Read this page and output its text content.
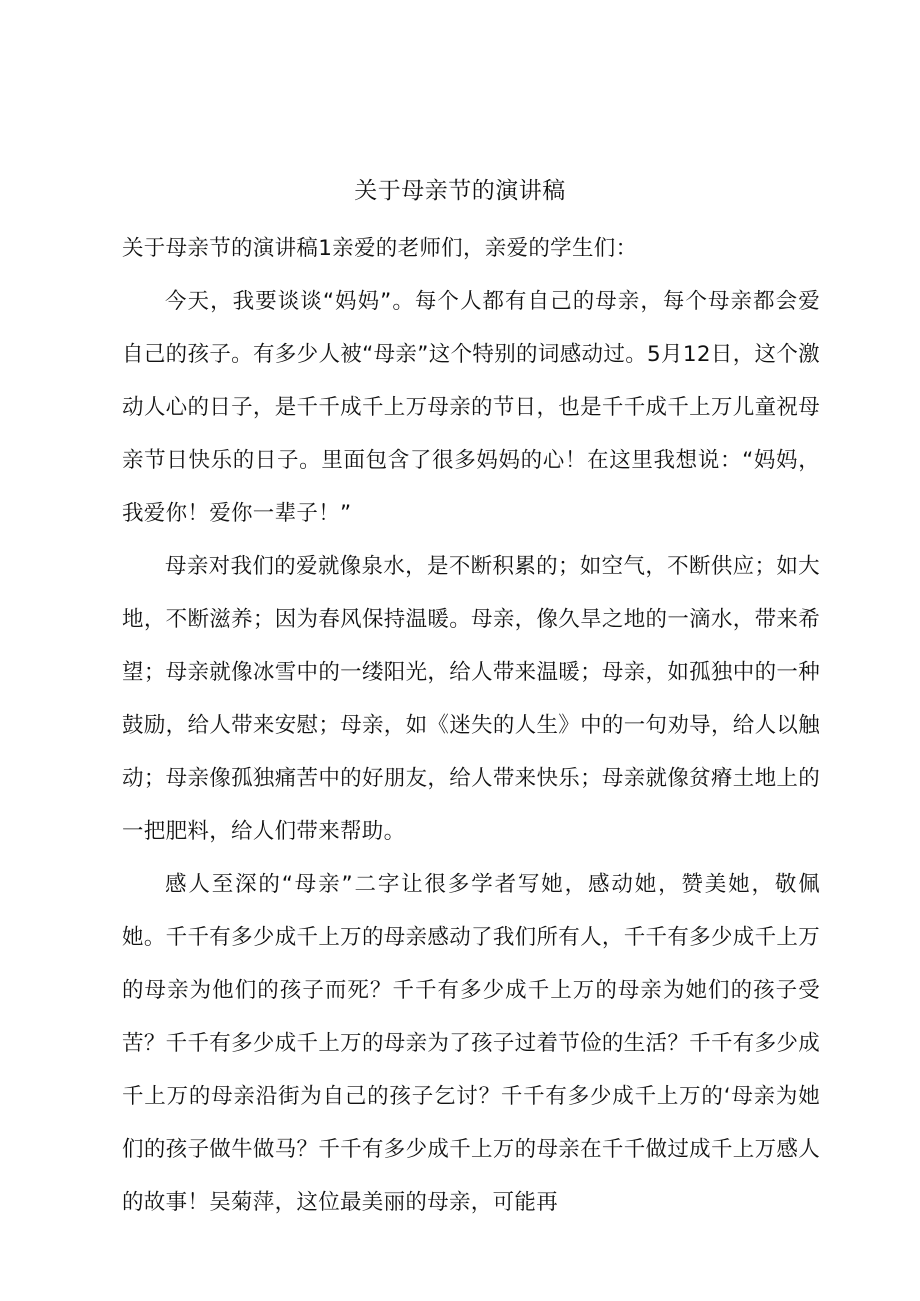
关于母亲节的演讲稿

关于母亲节的演讲稿1亲爱的老师们，亲爱的学生们：

今天，我要谈谈“妈妈”。每个人都有自己的母亲，每个母亲都会爱自己的孩子。有多少人被“母亲”这个特别的词感动过。5月12日，这个激动人心的日子，是千千成千上万母亲的节日，也是千千成千上万儿童祝母亲节日快乐的日子。里面包含了很多妈妈的心！在这里我想说：“妈妈，我爱你！爱你一辈子！”

母亲对我们的爱就像泉水，是不断积累的；如空气，不断供应；如大地，不断滋养；因为春风保持温暖。母亲，像久旱之地的一滴水，带来希望；母亲就像冰雪中的一缕阳光，给人带来温暖；母亲，如孤独中的一种鼓励，给人带来安慰；母亲，如《迷失的人生》中的一句劝导，给人以触动；母亲像孤独痛苦中的好朋友，给人带来快乐；母亲就像贫瘠土地上的一把肥料，给人们带来帮助。

感人至深的“母亲”二字让很多学者写她，感动她，赞美她，敬佩她。千千有多少成千上万的母亲感动了我们所有人，千千有多少成千上万的母亲为他们的孩子而死？千千有多少成千上万的母亲为她们的孩子受苦？千千有多少成千上万的母亲为了孩子过着节俭的生活？千千有多少成千上万的母亲沿街为自己的孩子乞讨？千千有多少成千上万的‘母亲为她们的孩子做牛做马？千千有多少成千上万的母亲在千千做过成千上万感人的故事！吴菊萍，这位最美丽的母亲，可能再
